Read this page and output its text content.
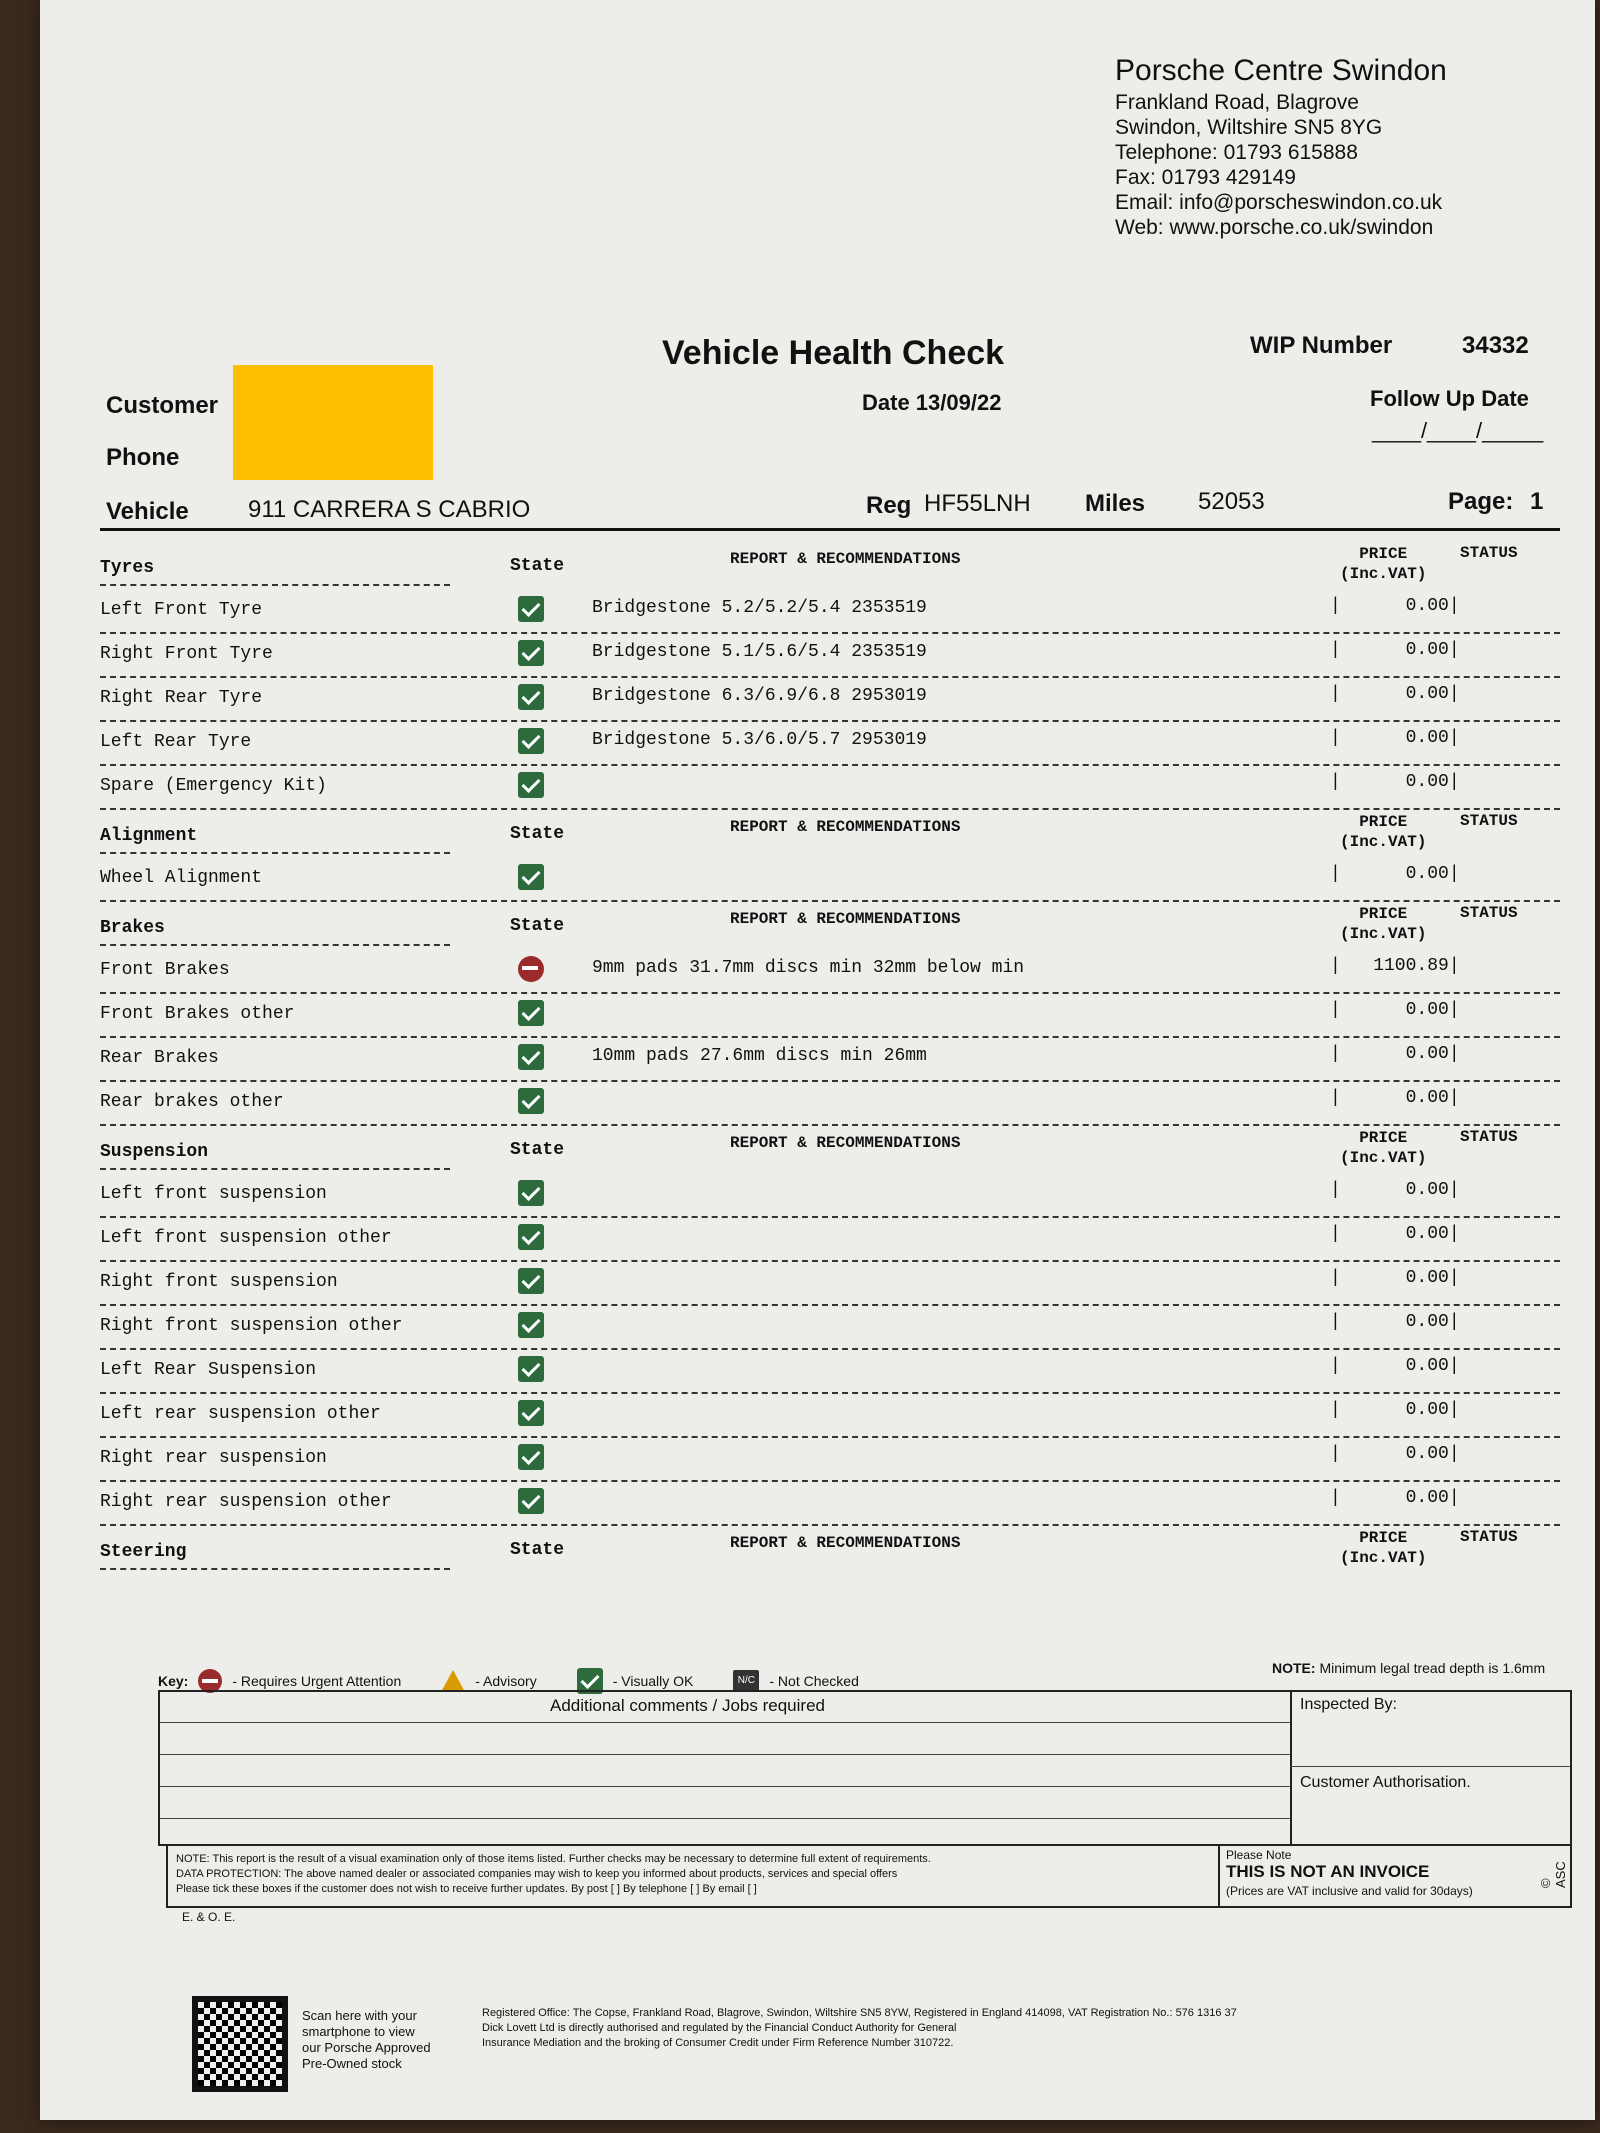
Porsche Centre Swindon
Frankland Road, Blagrove
Swindon, Wiltshire SN5 8YG
Telephone: 01793 615888
Fax: 01793 429149
Email: info@porscheswindon.co.uk
Web: www.porsche.co.uk/swindon
Vehicle Health Check	WIP Number	34332
Date 13/09/22	Follow Up Date
____/____/_____
Customer
Phone
Vehicle 911 CARRERA S CABRIO	Reg HF55LNH Miles 52053	Page: 1
Tyres	State	REPORT & RECOMMENDATIONS	STATUS
PRICE
(Inc.VAT)
Left Front Tyre	Bridgestone 5.2/5.2/5.4 2353519	|      0.00|
Right Front Tyre	Bridgestone 5.1/5.6/5.4 2353519	|      0.00|
Right Rear Tyre	Bridgestone 6.3/6.9/6.8 2953019	|      0.00|
Left Rear Tyre	Bridgestone 5.3/6.0/5.7 2953019	|      0.00|
Spare (Emergency Kit)	|      0.00|
Alignment	State	REPORT & RECOMMENDATIONS	STATUS
PRICE
(Inc.VAT)
Wheel Alignment	|      0.00|
Brakes	State	REPORT & RECOMMENDATIONS	STATUS
PRICE
(Inc.VAT)
Front Brakes	9mm pads 31.7mm discs min 32mm below min	|   1100.89|
Front Brakes other	|      0.00|
Rear Brakes	10mm pads 27.6mm discs min 26mm	|      0.00|
Rear brakes other	|      0.00|
Suspension	State	REPORT & RECOMMENDATIONS	STATUS
PRICE
(Inc.VAT)
Left front suspension	|      0.00|
Left front suspension other	|      0.00|
Right front suspension	|      0.00|
Right front suspension other	|      0.00|
Left Rear Suspension	|      0.00|
Left rear suspension other	|      0.00|
Right rear suspension	|      0.00|
Right rear suspension other	|      0.00|
Steering	State	REPORT & RECOMMENDATIONS	STATUS
PRICE
(Inc.VAT)
Key:	- Requires Urgent Attention	- Advisory	- Visually OK	N/C	- Not Checked
NOTE: Minimum legal tread depth is 1.6mm
Additional comments / Jobs required	Inspected By:
Customer Authorisation.
NOTE: This report is the result of a visual examination only of those items listed. Further checks may be necessary to determine full extent of requirements.
DATA PROTECTION: The above named dealer or associated companies may wish to keep you informed about products, services and special offers
Please tick these boxes if the customer does not wish to receive further updates. By post [ ] By telephone [ ] By email [ ]
Please Note
THIS IS NOT AN INVOICE
(Prices are VAT inclusive and valid for 30days)
© ASC
E. & O. E.
Scan here with your
smartphone to view
our Porsche Approved
Pre-Owned stock
Registered Office: The Copse, Frankland Road, Blagrove, Swindon, Wiltshire SN5 8YW, Registered in England 414098, VAT Registration No.: 576 1316 37
Dick Lovett Ltd is directly authorised and regulated by the Financial Conduct Authority for General
Insurance Mediation and the broking of Consumer Credit under Firm Reference Number 310722.
